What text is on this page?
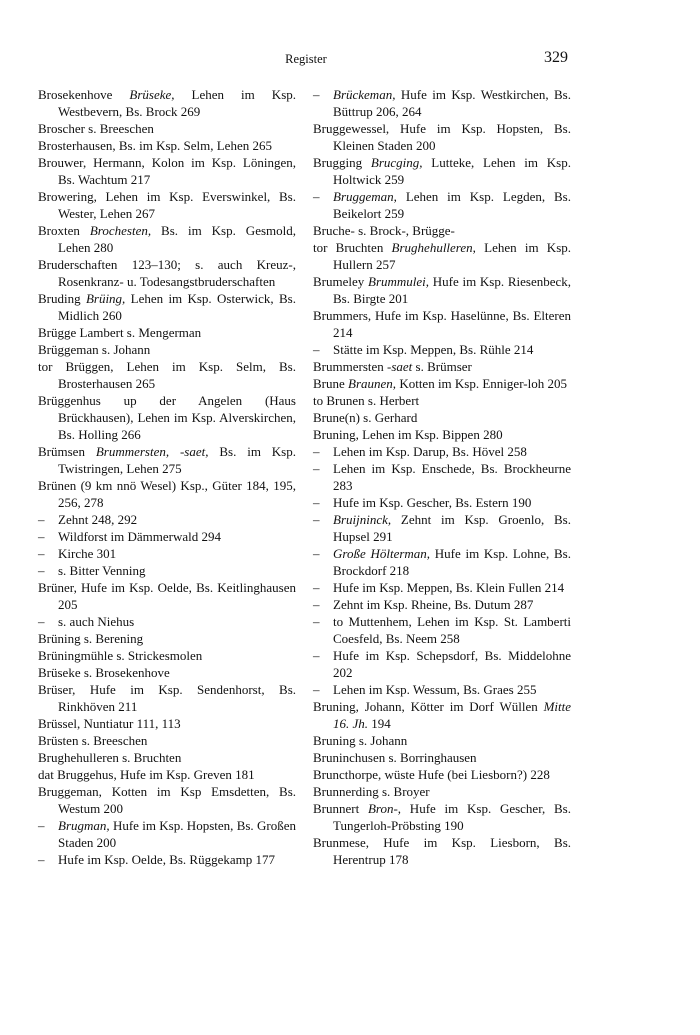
Register	329
Brosekenhove Brüseke, Lehen im Ksp. Westbevern, Bs. Brock 269
Broscher s. Breeschen
Brosterhausen, Bs. im Ksp. Selm, Lehen 265
Brouwer, Hermann, Kolon im Ksp. Löningen, Bs. Wachtum 217
Browering, Lehen im Ksp. Everswinkel, Bs. Wester, Lehen 267
Broxten Brochesten, Bs. im Ksp. Gesmold, Lehen 280
Bruderschaften 123–130; s. auch Kreuz-, Rosenkranz- u. Todesangstbruderschaften
Bruding Brüing, Lehen im Ksp. Osterwick, Bs. Midlich 260
Brügge Lambert s. Mengerman
Brüggeman s. Johann
tor Brüggen, Lehen im Ksp. Selm, Bs. Brosterhausen 265
Brüggenhus up der Angelen (Haus Brückhausen), Lehen im Ksp. Alverskirchen, Bs. Holling 266
Brümsen Brummersten, -saet, Bs. im Ksp. Twistringen, Lehen 275
Brünen (9 km nnö Wesel) Ksp., Güter 184, 195, 256, 278
– Zehnt 248, 292
– Wildforst im Dämmerwald 294
– Kirche 301
– s. Bitter Venning
Brüner, Hufe im Ksp. Oelde, Bs. Keitlinghausen 205
– s. auch Niehus
Brüning s. Berening
Brüningmühle s. Strickesmolen
Brüseke s. Brosekenhove
Brüser, Hufe im Ksp. Sendenhorst, Bs. Rinkhöven 211
Brüssel, Nuntiatur 111, 113
Brüsten s. Breeschen
Brughehulleren s. Bruchten
dat Bruggehus, Hufe im Ksp. Greven 181
Bruggeman, Kotten im Ksp Emsdetten, Bs. Westum 200
– Brugman, Hufe im Ksp. Hopsten, Bs. Großen Staden 200
– Hufe im Ksp. Oelde, Bs. Rüggekamp 177
– Brückeman, Hufe im Ksp. Westkirchen, Bs. Büttrup 206, 264
Bruggewessel, Hufe im Ksp. Hopsten, Bs. Kleinen Staden 200
Brugging Brucging, Lutteke, Lehen im Ksp. Holtwick 259
– Bruggeman, Lehen im Ksp. Legden, Bs. Beikelort 259
Bruche- s. Brock-, Brügge-
tor Bruchten Brughehulleren, Lehen im Ksp. Hullern 257
Brumeley Brummulei, Hufe im Ksp. Riesenbeck, Bs. Birgte 201
Brummers, Hufe im Ksp. Haselünne, Bs. Elteren 214
– Stätte im Ksp. Meppen, Bs. Rühle 214
Brummersten -saet s. Brümser
Brune Braunen, Kotten im Ksp. Enniger-loh 205
to Brunen s. Herbert
Brune(n) s. Gerhard
Bruning, Lehen im Ksp. Bippen 280
– Lehen im Ksp. Darup, Bs. Hövel 258
– Lehen im Ksp. Enschede, Bs. Brockheurne 283
– Hufe im Ksp. Gescher, Bs. Estern 190
– Bruijninck, Zehnt im Ksp. Groenlo, Bs. Hupsel 291
– Große Hölterman, Hufe im Ksp. Lohne, Bs. Brockdorf 218
– Hufe im Ksp. Meppen, Bs. Klein Fullen 214
– Zehnt im Ksp. Rheine, Bs. Dutum 287
– to Muttenhem, Lehen im Ksp. St. Lamberti Coesfeld, Bs. Neem 258
– Hufe im Ksp. Schepsdorf, Bs. Middelohne 202
– Lehen im Ksp. Wessum, Bs. Graes 255
Bruning, Johann, Kötter im Dorf Wüllen Mitte 16. Jh. 194
Bruning s. Johann
Bruninchusen s. Borringhausen
Bruncthorpe, wüste Hufe (bei Liesborn?) 228
Brunnerding s. Broyer
Brunnert Bron-, Hufe im Ksp. Gescher, Bs. Tungerloh-Pröbsting 190
Brunmese, Hufe im Ksp. Liesborn, Bs. Herentrup 178
